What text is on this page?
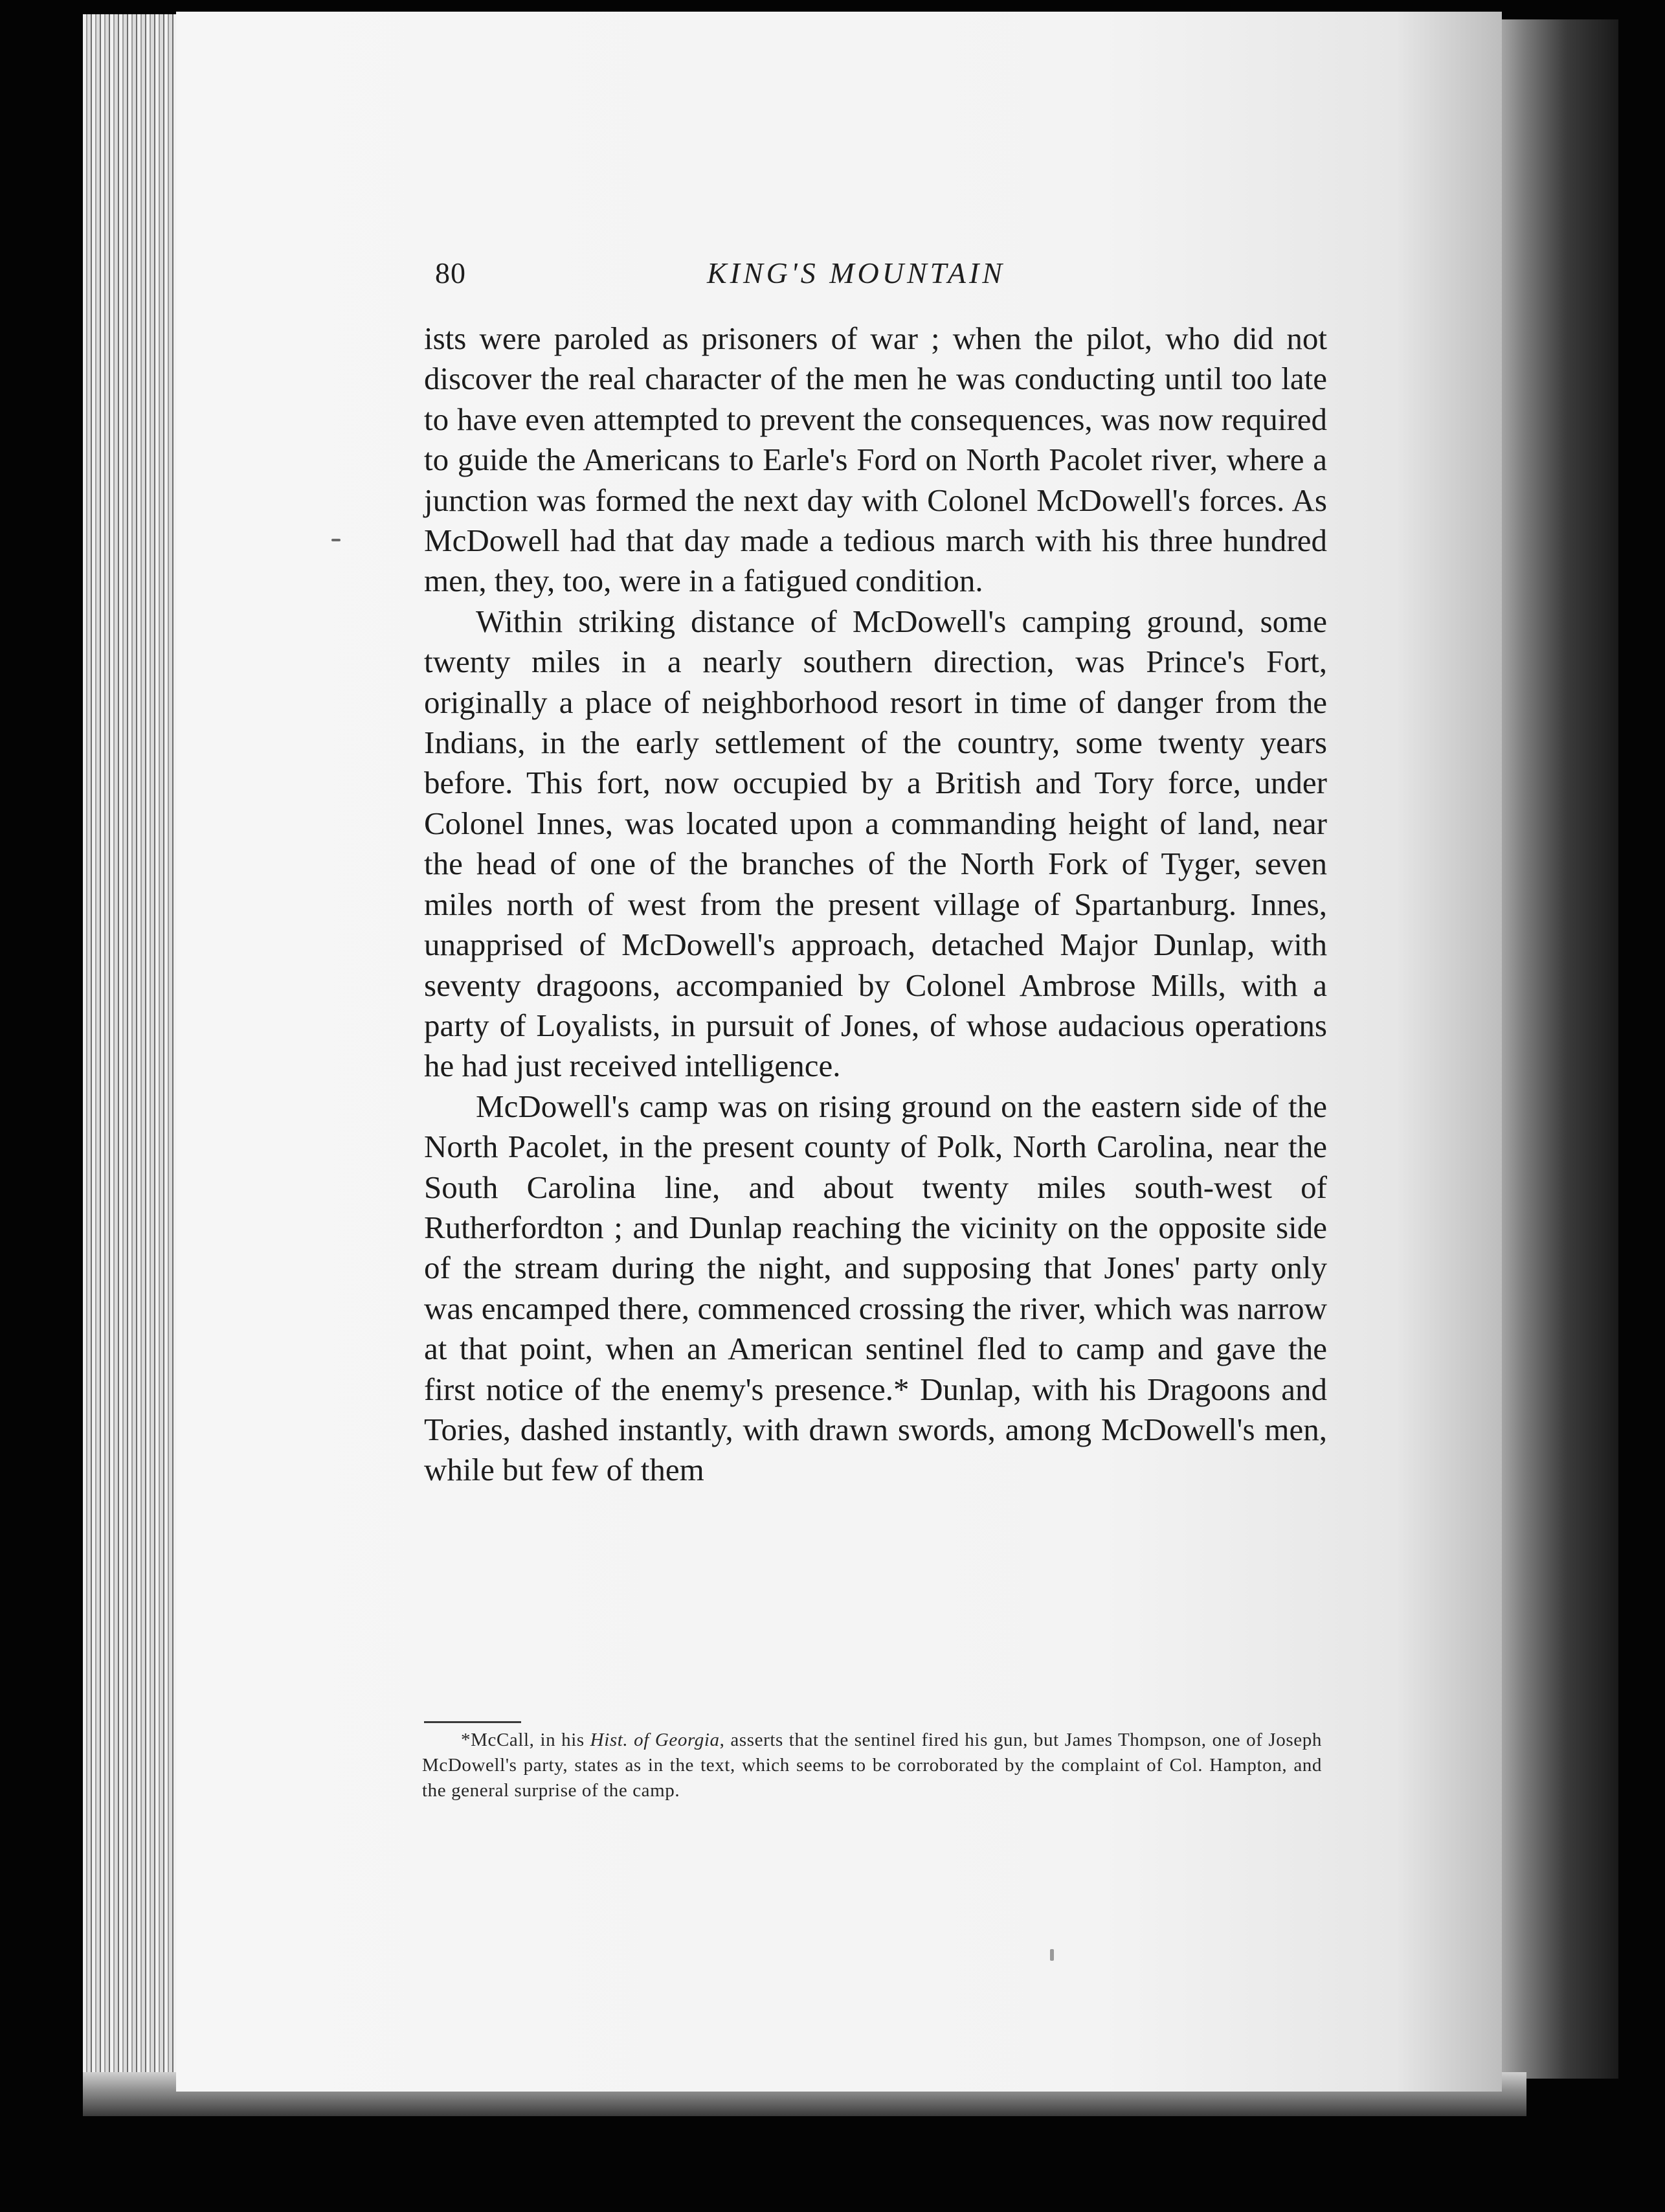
80	KING'S MOUNTAIN

ists were paroled as prisoners of war ; when the pilot, who did not discover the real character of the men he was conducting until too late to have even attempted to prevent the consequences, was now required to guide the Americans to Earle's Ford on North Pacolet river, where a junction was formed the next day with Colonel McDowell's forces. As McDowell had that day made a tedious march with his three hundred men, they, too, were in a fatigued condition.

Within striking distance of McDowell's camping ground, some twenty miles in a nearly southern direction, was Prince's Fort, originally a place of neighborhood resort in time of danger from the Indians, in the early settlement of the country, some twenty years before. This fort, now occupied by a British and Tory force, under Colonel Innes, was located upon a commanding height of land, near the head of one of the branches of the North Fork of Tyger, seven miles north of west from the present village of Spartanburg. Innes, unapprised of McDowell's approach, detached Major Dunlap, with seventy dragoons, accompanied by Colonel Ambrose Mills, with a party of Loyalists, in pursuit of Jones, of whose audacious operations he had just received intelligence.

McDowell's camp was on rising ground on the eastern side of the North Pacolet, in the present county of Polk, North Carolina, near the South Carolina line, and about twenty miles south-west of Rutherfordton ; and Dunlap reaching the vicinity on the opposite side of the stream during the night, and supposing that Jones' party only was encamped there, commenced crossing the river, which was narrow at that point, when an American sentinel fled to camp and gave the first notice of the enemy's presence.* Dunlap, with his Dragoons and Tories, dashed instantly, with drawn swords, among McDowell's men, while but few of them

*McCall, in his Hist. of Georgia, asserts that the sentinel fired his gun, but James Thompson, one of Joseph McDowell's party, states as in the text, which seems to be corroborated by the complaint of Col. Hampton, and the general surprise of the camp.
